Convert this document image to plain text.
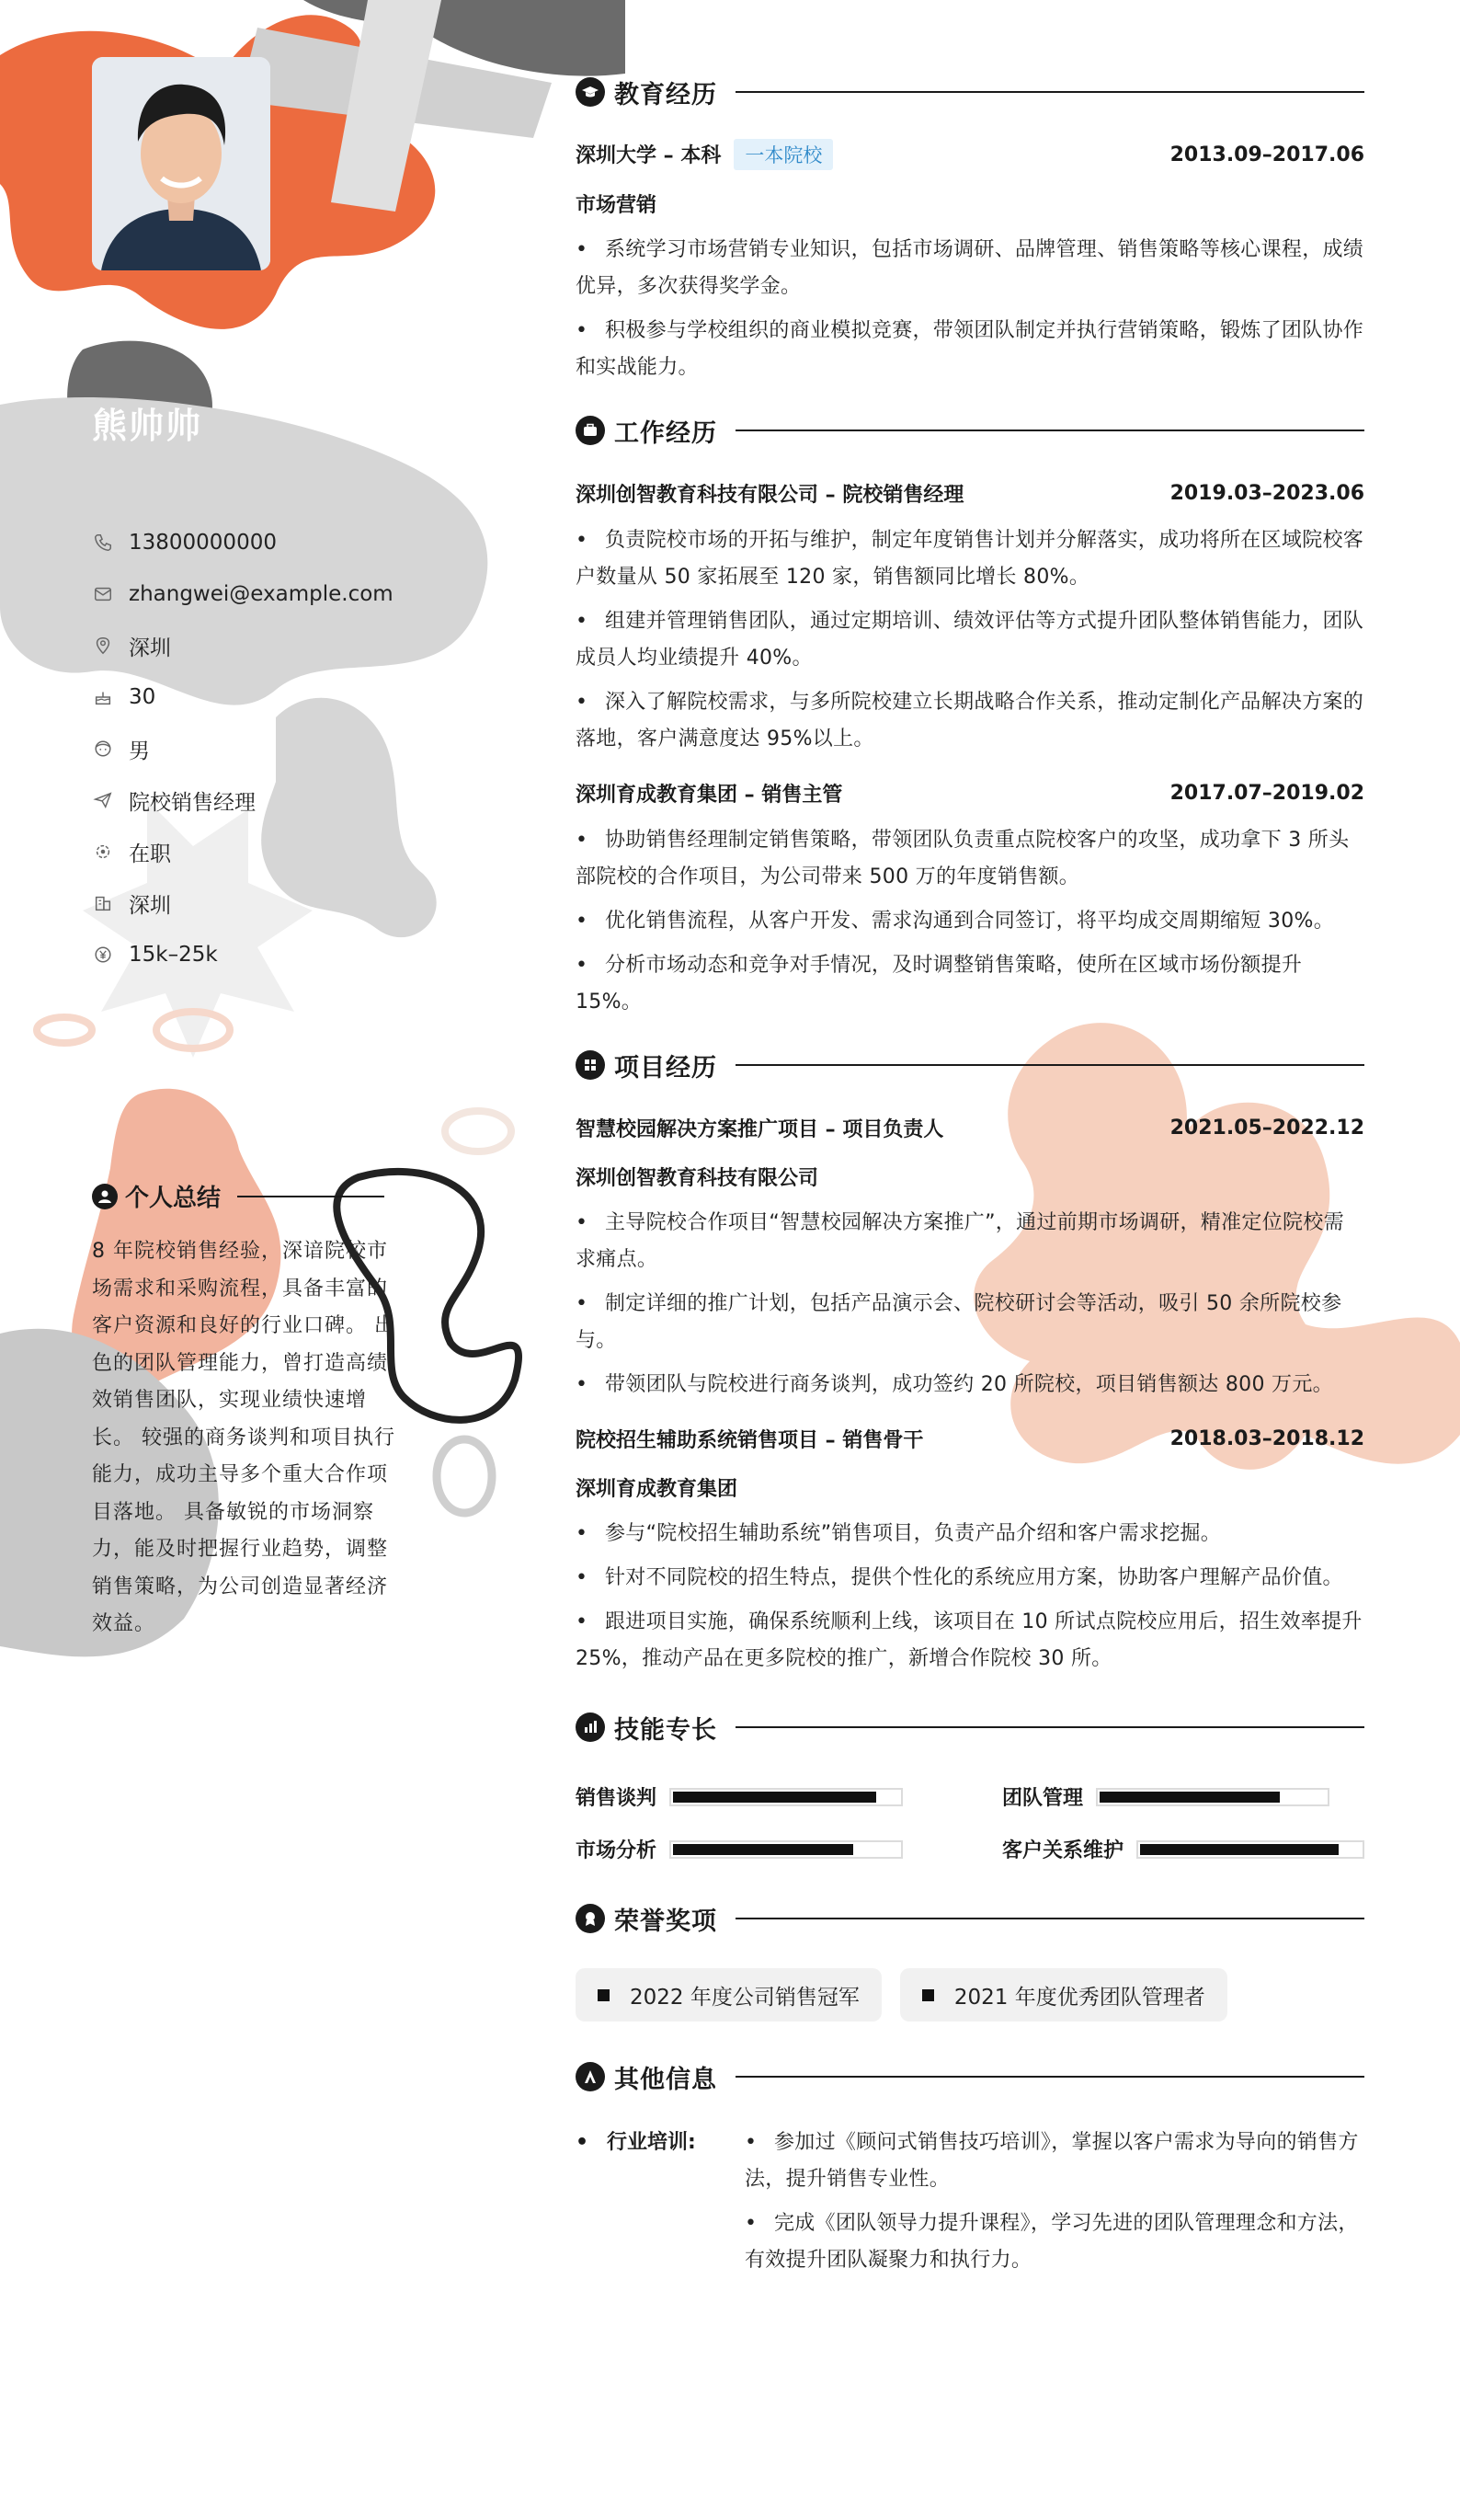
熊帅帅
13800000000
zhangwei@example.com
深圳
30
男
院校销售经理
在职
深圳
15k–25k
个人总结
8 年院校销售经验，深谙院校市场需求和采购流程，具备丰富的客户资源和良好的行业口碑。 出色的团队管理能力，曾打造高绩效销售团队，实现业绩快速增长。 较强的商务谈判和项目执行能力，成功主导多个重大合作项目落地。 具备敏锐的市场洞察力，能及时把握行业趋势，调整销售策略，为公司创造显著经济效益。
教育经历
深圳大学 – 本科 一本院校	2013.09–2017.06
市场营销
• 系统学习市场营销专业知识，包括市场调研、品牌管理、销售策略等核心课程，成绩优异，多次获得奖学金。
• 积极参与学校组织的商业模拟竞赛，带领团队制定并执行营销策略，锻炼了团队协作和实战能力。
工作经历
深圳创智教育科技有限公司 – 院校销售经理	2019.03–2023.06
• 负责院校市场的开拓与维护，制定年度销售计划并分解落实，成功将所在区域院校客户数量从 50 家拓展至 120 家，销售额同比增长 80%。
• 组建并管理销售团队，通过定期培训、绩效评估等方式提升团队整体销售能力，团队成员人均业绩提升 40%。
• 深入了解院校需求，与多所院校建立长期战略合作关系，推动定制化产品解决方案的落地，客户满意度达 95%以上。
深圳育成教育集团 – 销售主管	2017.07–2019.02
• 协助销售经理制定销售策略，带领团队负责重点院校客户的攻坚，成功拿下 3 所头部院校的合作项目，为公司带来 500 万的年度销售额。
• 优化销售流程，从客户开发、需求沟通到合同签订，将平均成交周期缩短 30%。
• 分析市场动态和竞争对手情况，及时调整销售策略，使所在区域市场份额提升 15%。
项目经历
智慧校园解决方案推广项目 – 项目负责人	2021.05–2022.12
深圳创智教育科技有限公司
• 主导院校合作项目“智慧校园解决方案推广”，通过前期市场调研，精准定位院校需求痛点。
• 制定详细的推广计划，包括产品演示会、院校研讨会等活动，吸引 50 余所院校参与。
• 带领团队与院校进行商务谈判，成功签约 20 所院校，项目销售额达 800 万元。
院校招生辅助系统销售项目 – 销售骨干	2018.03–2018.12
深圳育成教育集团
• 参与“院校招生辅助系统”销售项目，负责产品介绍和客户需求挖掘。
• 针对不同院校的招生特点，提供个性化的系统应用方案，协助客户理解产品价值。
• 跟进项目实施，确保系统顺利上线，该项目在 10 所试点院校应用后，招生效率提升 25%，推动产品在更多院校的推广，新增合作院校 30 所。
技能专长
销售谈判	团队管理
市场分析	客户关系维护
荣誉奖项
2022 年度公司销售冠军	2021 年度优秀团队管理者
其他信息
• 行业培训:
•	参加过《顾问式销售技巧培训》，掌握以客户需求为导向的销售方法，提升销售专业性。
• 完成《团队领导力提升课程》，学习先进的团队管理理念和方法，有效提升团队凝聚力和执行力。
